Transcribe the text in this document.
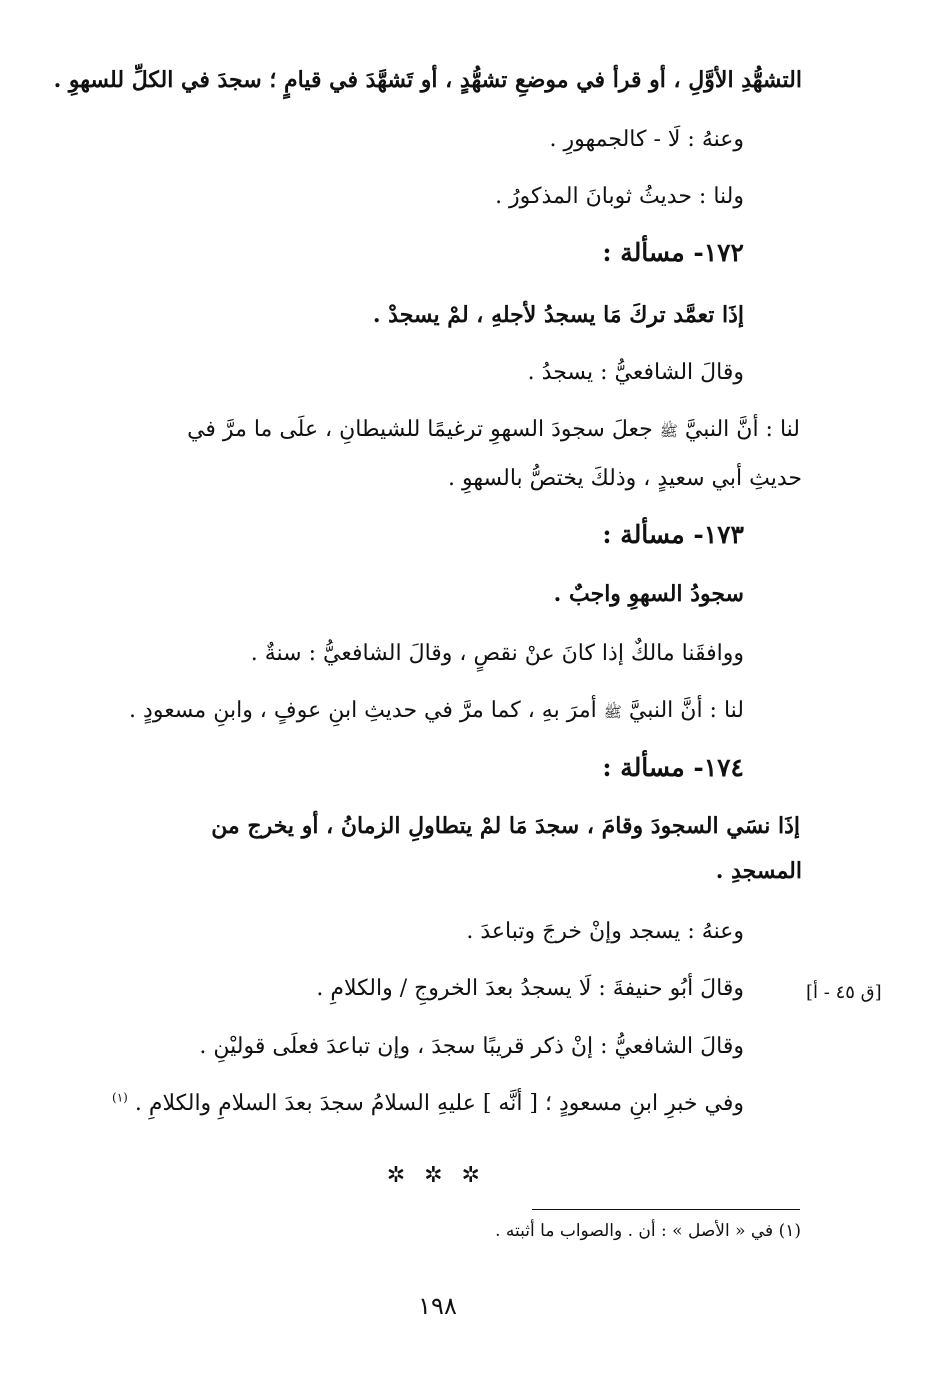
التشهُّدِ الأوَّلِ ، أو قرأ في موضعِ تشهُّدٍ ، أو تَشهَّدَ في قيامٍ ؛ سجدَ في الكلِّ للسهوِ .
وعنهُ : لَا - كالجمهورِ .
ولنا : حديثُ ثوبانَ المذكورُ .
١٧٢- مسألة :
إذَا تعمَّد تركَ مَا يسجدُ لأجلهِ ، لمْ يسجدْ .
وقالَ الشافعيُّ : يسجدُ .
لنا : أنَّ النبيَّ ﷺ جعلَ سجودَ السهوِ ترغيمًا للشيطانِ ، علَى ما مرَّ في
حديثِ أبي سعيدٍ ، وذلكَ يختصُّ بالسهوِ .
١٧٣- مسألة :
سجودُ السهوِ واجبٌ .
ووافقَنا مالكٌ إذا كانَ عنْ نقصٍ ، وقالَ الشافعيُّ : سنةٌ .
لنا : أنَّ النبيَّ ﷺ أمرَ بهِ ، كما مرَّ في حديثِ ابنِ عوفٍ ، وابنِ مسعودٍ .
١٧٤- مسألة :
إذَا نسَي السجودَ وقامَ ، سجدَ مَا لمْ يتطاولِ الزمانُ ، أو يخرج من
المسجدِ .
وعنهُ : يسجد وإنْ خرجَ وتباعدَ .
وقالَ أبُو حنيفةَ : لَا يسجدُ بعدَ الخروجِ / والكلامِ .
وقالَ الشافعيُّ : إنْ ذكر قريبًا سجدَ ، وإن تباعدَ فعلَى قوليْنِ .
وفي خبرِ ابنِ مسعودٍ ؛ [ أنَّه ] عليهِ السلامُ سجدَ بعدَ السلامِ والكلامِ . $^{(١)}$
[ق ٤٥ - أ]
✲ ✲ ✲
(١) في « الأصل » : أن . والصواب ما أثبته .
١٩٨
